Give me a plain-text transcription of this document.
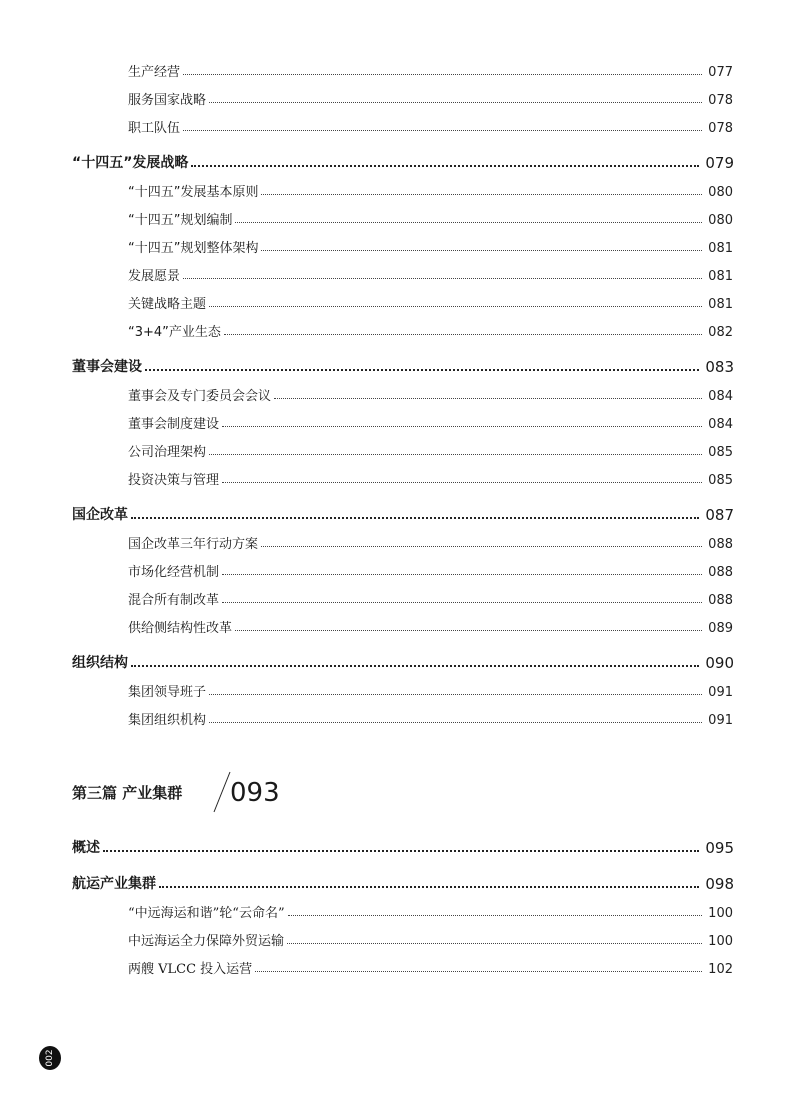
生产经营	077
服务国家战略	078
职工队伍	078
“十四五”发展战略	079
“十四五”发展基本原则	080
“十四五”规划编制	080
“十四五”规划整体架构	081
发展愿景	081
关键战略主题	081
“3+4”产业生态	082
董事会建设	083
董事会及专门委员会会议	084
董事会制度建设	084
公司治理架构	085
投资决策与管理	085
国企改革	087
国企改革三年行动方案	088
市场化经营机制	088
混合所有制改革	088
供给侧结构性改革	089
组织结构	090
集团领导班子	091
集团组织机构	091
概述	095
航运产业集群	098
“中远海运和谐”轮“云命名”	100
中远海运全力保障外贸运输	100
两艘 VLCC 投入运营	102
第三篇 产业集群 093
002
